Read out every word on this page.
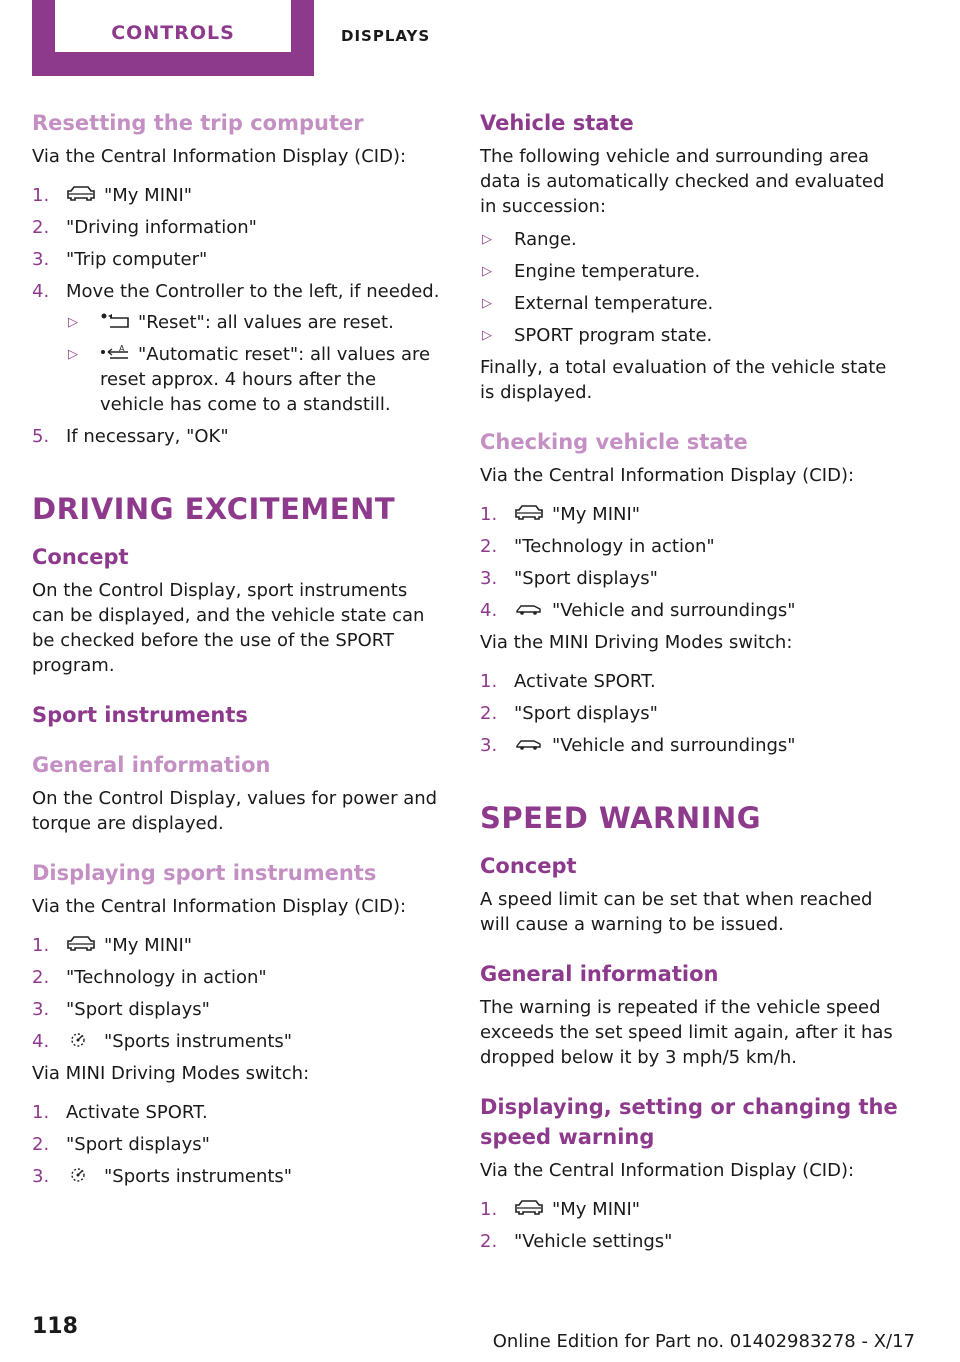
CONTROLS	DISPLAYS
Resetting the trip computer

Via the Central Information Display (CID):

1.	"My MINI"
2. "Driving information"
3. "Trip computer"
4. Move the Controller to the left, if needed.
▷	"Reset": all values are reset.
▷	A "Automatic reset": all values are reset approx. 4 hours after the vehicle has come to a standstill.
5. If necessary, "OK"
DRIVING EXCITEMENT
Concept

On the Control Display, sport instruments can be displayed, and the vehicle state can be checked before the use of the SPORT program.

Sport instruments
General information

On the Control Display, values for power and torque are displayed.

Displaying sport instruments

Via the Central Information Display (CID):

1.	"My MINI"
2. "Technology in action"
3. "Sport displays"
4.	"Sports instruments"

Via MINI Driving Modes switch:

1. Activate SPORT.
2. "Sport displays"
3.	"Sports instruments"
Vehicle state

The following vehicle and surrounding area data is automatically checked and evaluated in succession:

▷ Range.
▷ Engine temperature.
▷ External temperature.
▷ SPORT program state.

Finally, a total evaluation of the vehicle state is displayed.

Checking vehicle state

Via the Central Information Display (CID):

1.	"My MINI"
2. "Technology in action"
3. "Sport displays"
4.	"Vehicle and surroundings"

Via the MINI Driving Modes switch:

1. Activate SPORT.
2. "Sport displays"
3.	"Vehicle and surroundings"
SPEED WARNING
Concept

A speed limit can be set that when reached will cause a warning to be issued.

General information

The warning is repeated if the vehicle speed exceeds the set speed limit again, after it has dropped below it by 3 mph/5 km/h.

Displaying, setting or changing the speed warning

Via the Central Information Display (CID):

1.	"My MINI"
2. "Vehicle settings"
118
Online Edition for Part no. 01402983278 - X/17
